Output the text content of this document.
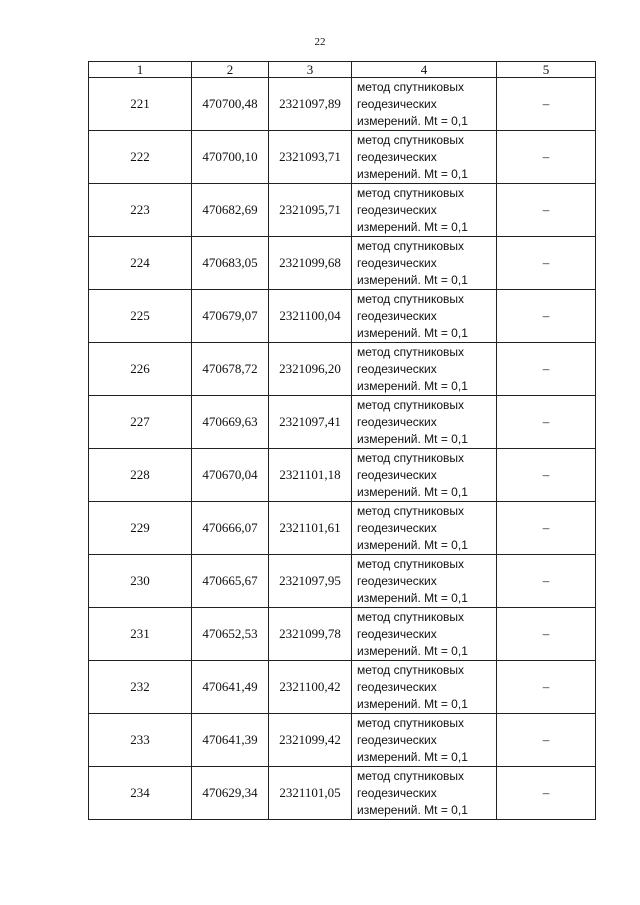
22
1	2	3	4	5
221	470700,48	2321097,89	метод спутниковых
геодезических
измерений. Mt = 0,1	–
222	470700,10	2321093,71	метод спутниковых
геодезических
измерений. Mt = 0,1	–
223	470682,69	2321095,71	метод спутниковых
геодезических
измерений. Mt = 0,1	–
224	470683,05	2321099,68	метод спутниковых
геодезических
измерений. Mt = 0,1	–
225	470679,07	2321100,04	метод спутниковых
геодезических
измерений. Mt = 0,1	–
226	470678,72	2321096,20	метод спутниковых
геодезических
измерений. Mt = 0,1	–
227	470669,63	2321097,41	метод спутниковых
геодезических
измерений. Mt = 0,1	–
228	470670,04	2321101,18	метод спутниковых
геодезических
измерений. Mt = 0,1	–
229	470666,07	2321101,61	метод спутниковых
геодезических
измерений. Mt = 0,1	–
230	470665,67	2321097,95	метод спутниковых
геодезических
измерений. Mt = 0,1	–
231	470652,53	2321099,78	метод спутниковых
геодезических
измерений. Mt = 0,1	–
232	470641,49	2321100,42	метод спутниковых
геодезических
измерений. Mt = 0,1	–
233	470641,39	2321099,42	метод спутниковых
геодезических
измерений. Mt = 0,1	–
234	470629,34	2321101,05	метод спутниковых
геодезических
измерений. Mt = 0,1	–
